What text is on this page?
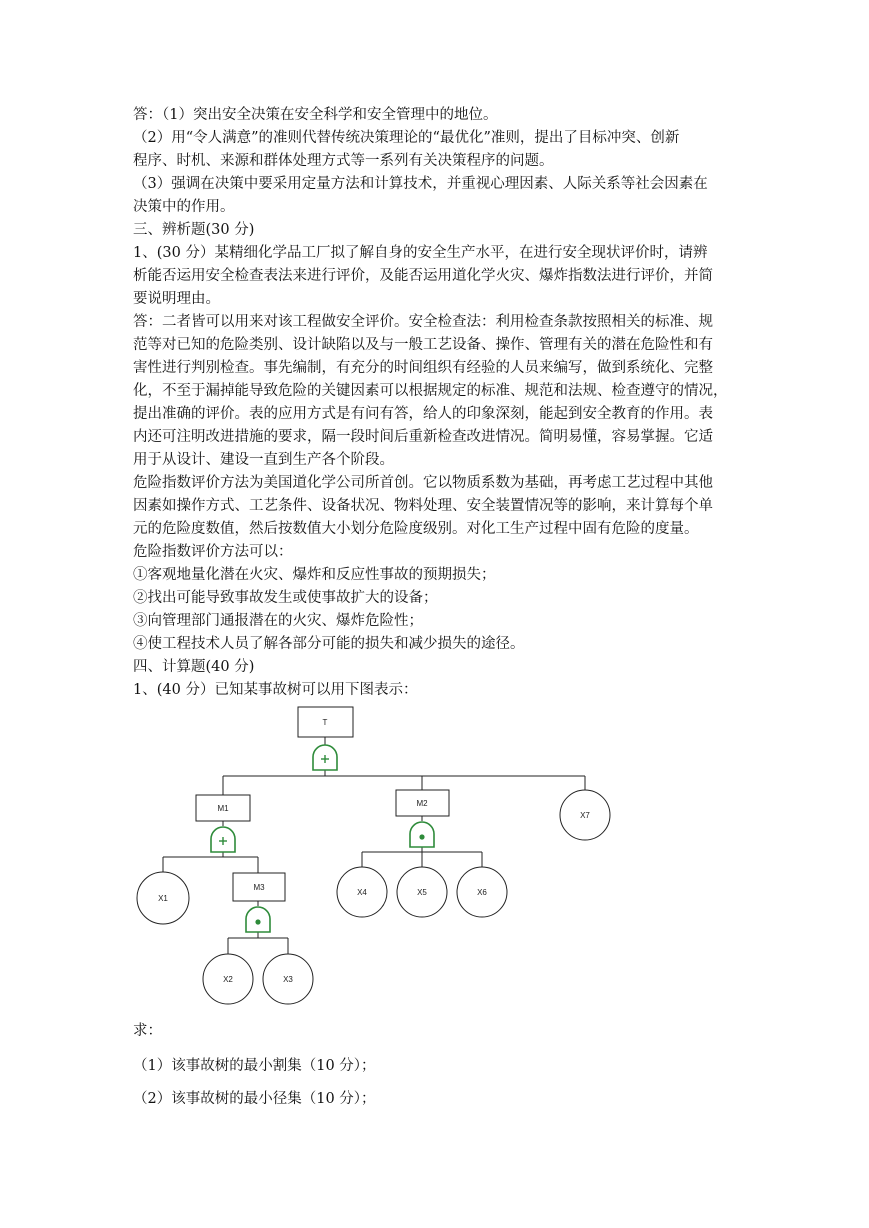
答：（1）突出安全决策在安全科学和安全管理中的地位。
（2）用“令人满意”的准则代替传统决策理论的“最优化”准则，提出了目标冲突、创新
程序、时机、来源和群体处理方式等一系列有关决策程序的问题。
（3）强调在决策中要采用定量方法和计算技术，并重视心理因素、人际关系等社会因素在
决策中的作用。
三、辨析题(30 分)
1、(30 分）某精细化学品工厂拟了解自身的安全生产水平，在进行安全现状评价时，请辨
析能否运用安全检查表法来进行评价，及能否运用道化学火灾、爆炸指数法进行评价，并简
要说明理由。
答：二者皆可以用来对该工程做安全评价。安全检查法：利用检查条款按照相关的标准、规
范等对已知的危险类别、设计缺陷以及与一般工艺设备、操作、管理有关的潜在危险性和有
害性进行判别检查。事先编制，有充分的时间组织有经验的人员来编写，做到系统化、完整
化，不至于漏掉能导致危险的关键因素可以根据规定的标准、规范和法规、检查遵守的情况，
提出准确的评价。表的应用方式是有问有答，给人的印象深刻，能起到安全教育的作用。表
内还可注明改进措施的要求，隔一段时间后重新检查改进情况。简明易懂，容易掌握。它适
用于从设计、建设一直到生产各个阶段。
危险指数评价方法为美国道化学公司所首创。它以物质系数为基础，再考虑工艺过程中其他
因素如操作方式、工艺条件、设备状况、物料处理、安全装置情况等的影响，来计算每个单
元的危险度数值，然后按数值大小划分危险度级别。对化工生产过程中固有危险的度量。
危险指数评价方法可以：
①客观地量化潜在火灾、爆炸和反应性事故的预期损失；
②找出可能导致事故发生或使事故扩大的设备；
③向管理部门通报潜在的火灾、爆炸危险性；
④使工程技术人员了解各部分可能的损失和减少损失的途径。
四、计算题(40 分)
1、(40 分）已知某事故树可以用下图表示：
T
M1
M2
M3
X7
X1
X4	X5	X6
X2	X3
求：
（1）该事故树的最小割集（10 分）；
（2）该事故树的最小径集（10 分）；
